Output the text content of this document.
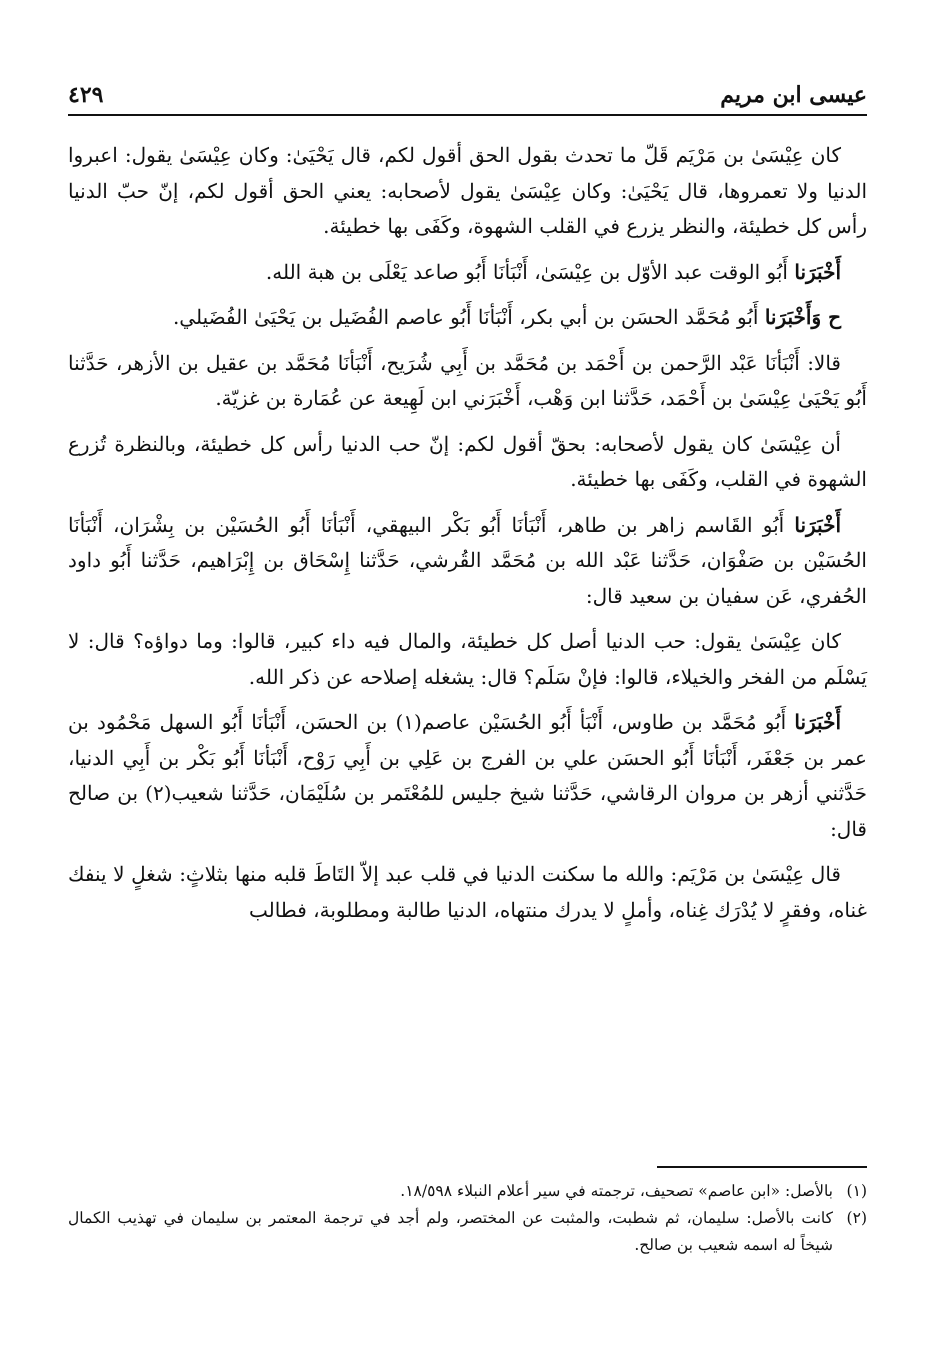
عيسى ابن مريم
٤٢٩

كان عِيْسَىٰ بن مَرْيَم قَلّ ما تحدث بقول الحق أقول لكم، قال يَحْيَىٰ: وكان عِيْسَىٰ يقول: اعبروا الدنيا ولا تعمروها، قال يَحْيَىٰ: وكان عِيْسَىٰ يقول لأصحابه: يعني الحق أقول لكم، إنّ حبّ الدنيا رأس كل خطيئة، والنظر يزرع في القلب الشهوة، وكَفَى بها خطيئة.

أَخْبَرَنا أَبُو الوقت عبد الأوّل بن عِيْسَىٰ، أَنْبَأنَا أَبُو صاعد يَعْلَى بن هبة الله.

ح وَأَخْبَرَنا أَبُو مُحَمَّد الحسَن بن أبي بكر، أَنْبَأنَا أَبُو عاصم الفُضَيل بن يَحْيَىٰ الفُضَيلي.

قالا: أَنْبَأنَا عَبْد الرَّحمن بن أَحْمَد بن مُحَمَّد بن أَبِي شُرَيح، أَنْبَأنَا مُحَمَّد بن عقيل بن الأزهر، حَدَّثنا أَبُو يَحْيَىٰ عِيْسَىٰ بن أَحْمَد، حَدَّثنا ابن وَهْب، أَخْبَرَني ابن لَهِيعة عن عُمَارة بن غزيّة.

أن عِيْسَىٰ كان يقول لأصحابه: بحقّ أقول لكم: إنّ حب الدنيا رأس كل خطيئة، وبالنظرة تُزرع الشهوة في القلب، وكَفَى بها خطيئة.

أَخْبَرَنا أَبُو القَاسم زاهر بن طاهر، أَنْبَأنَا أَبُو بَكْر البيهقي، أَنْبَأنَا أَبُو الحُسَيْن بن بِشْرَان، أَنْبَأنَا الحُسَيْن بن صَفْوَان، حَدَّثنا عَبْد الله بن مُحَمَّد القُرشي، حَدَّثنا إِسْحَاق بن إِبْرَاهيم، حَدَّثنا أَبُو داود الحُفري، عَن سفيان بن سعيد قال:

كان عِيْسَىٰ يقول: حب الدنيا أصل كل خطيئة، والمال فيه داء كبير، قالوا: وما دواؤه؟ قال: لا يَسْلَم من الفخر والخيلاء، قالوا: فإنْ سَلَم؟ قال: يشغله إصلاحه عن ذكر الله.

أَخْبَرَنا أَبُو مُحَمَّد بن طاوس، أَنْبَأ أَبُو الحُسَيْن عاصم(١) بن الحسَن، أَنْبَأنَا أَبُو السهل مَحْمُود بن عمر بن جَعْفَر، أَنْبَأنَا أَبُو الحسَن علي بن الفرج بن عَلِي بن أَبِي رَوْح، أَنْبَأنَا أَبُو بَكْر بن أَبِي الدنيا، حَدَّثني أزهر بن مروان الرقاشي، حَدَّثنا شيخ جليس للمُعْتَمر بن سُلَيْمَان، حَدَّثنا شعيب(٢) بن صالح قال:

قال عِيْسَىٰ بن مَرْيَم: والله ما سكنت الدنيا في قلب عبد إلاّ التَاطَ قلبه منها بثلاثٍ: شغلٍ لا ينفك غناه، وفقرٍ لا يُدْرَك غِناه، وأملٍ لا يدرك منتهاه، الدنيا طالبة ومطلوبة، فطالب

(١)
بالأصل: «ابن عاصم» تصحيف، ترجمته في سير أعلام النبلاء ١٨/٥٩٨.

(٢)
كانت بالأصل: سليمان، ثم شطبت، والمثبت عن المختصر، ولم أجد في ترجمة المعتمر بن سليمان في تهذيب الكمال شيخاً له اسمه شعيب بن صالح.
